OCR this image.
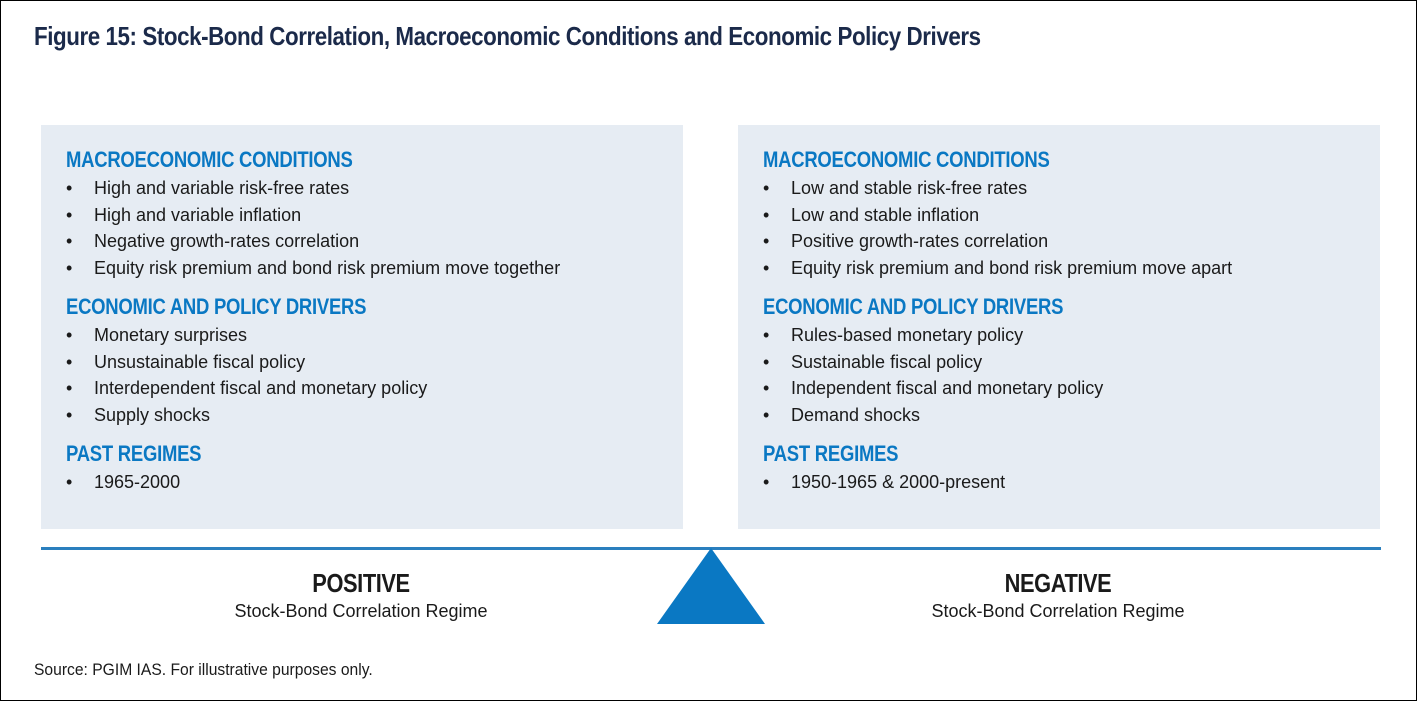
Figure 15: Stock-Bond Correlation, Macroeconomic Conditions and Economic Policy Drivers
MACROECONOMIC CONDITIONS
• High and variable risk-free rates
• High and variable inflation
• Negative growth-rates correlation
• Equity risk premium and bond risk premium move together
ECONOMIC AND POLICY DRIVERS
• Monetary surprises
• Unsustainable fiscal policy
• Interdependent fiscal and monetary policy
• Supply shocks
PAST REGIMES
• 1965-2000
MACROECONOMIC CONDITIONS
• Low and stable risk-free rates
• Low and stable inflation
• Positive growth-rates correlation
• Equity risk premium and bond risk premium move apart
ECONOMIC AND POLICY DRIVERS
• Rules-based monetary policy
• Sustainable fiscal policy
• Independent fiscal and monetary policy
• Demand shocks
PAST REGIMES
• 1950-1965 & 2000-present
POSITIVE
Stock-Bond Correlation Regime
NEGATIVE
Stock-Bond Correlation Regime
Source: PGIM IAS. For illustrative purposes only.
